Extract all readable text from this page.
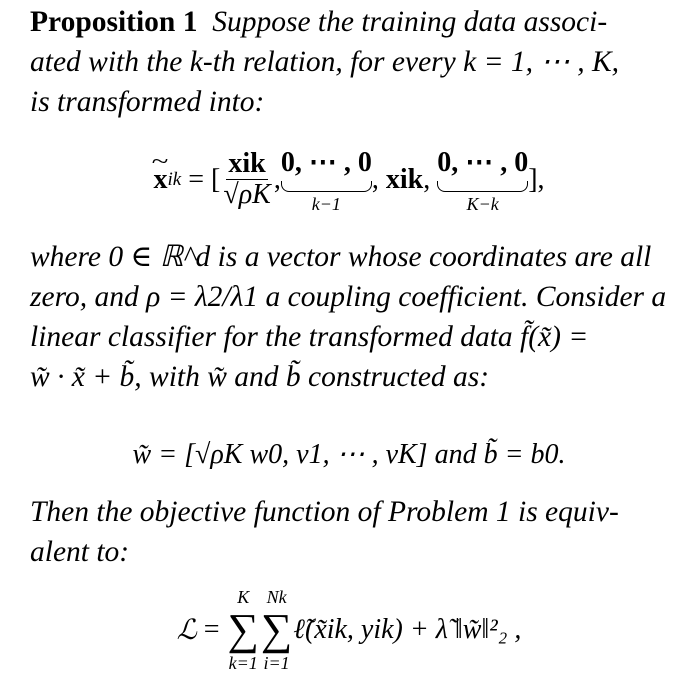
Proposition 1 Suppose the training data associ-
ated with the k-th relation, for every k = 1, ⋯ , K,
is transformed into:
~ x ik = [ $\frac{\text{xik}}{√\rho K}$ ,
0, ⋯ , 0
k−1
, xik ,
0, ⋯ , 0
K−k
],
where 0 ∈ ℝ^d is a vector whose coordinates are all
zero, and ρ = λ2/λ1 a coupling coefficient. Consider a
linear classifier for the transformed data f̃(x̃) =
w̃ · x̃ + b̃, with w̃ and b̃ constructed as:
w̃ = [√ρK w0, v1, ⋯ , vK] and b̃ = b0.
Then the objective function of Problem 1 is equiv-
alent to:
ℒ =
K
∑
k=1
Nk
∑
i=1
ℓ̃(x̃ik, yik) + λ̃ ‖w̃‖²₂ ,
